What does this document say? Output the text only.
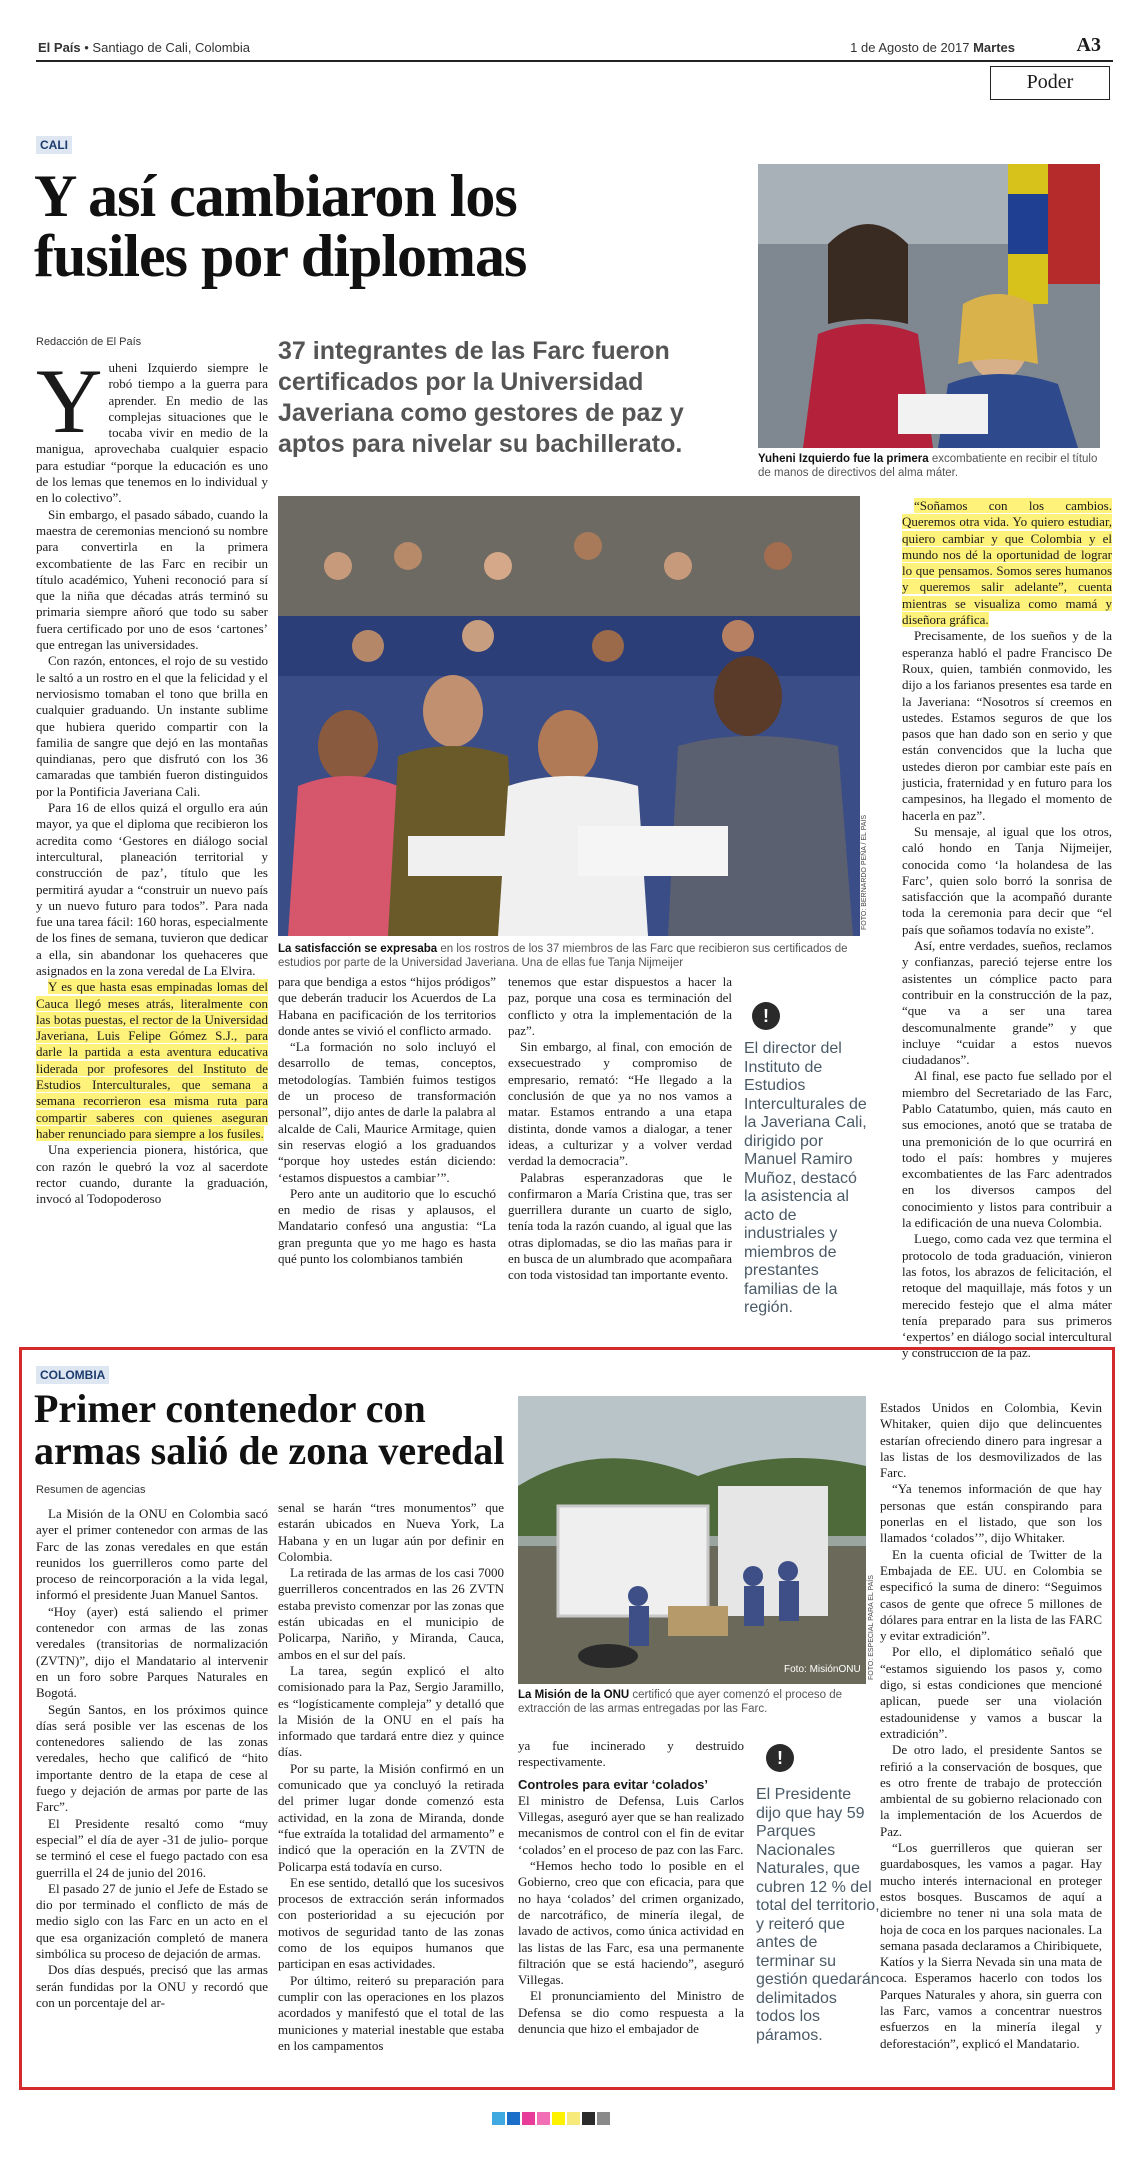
El País • Santiago de Cali, Colombia	1 de Agosto de 2017 Martes	A3
Poder
CALI
Y así cambiaron los
fusiles por diplomas
Redacción de El País	37 integrantes de las Farc fueron certificados por la Universidad Javeriana como gestores de paz y aptos para nivelar su bachillerato.
Yuheni Izquierdo fue la primera excombatiente en recibir el título de manos de directivos del alma máter.

Yuheni Izquierdo siempre le robó tiempo a la guerra para aprender. En medio de las complejas situaciones que le tocaba vivir en medio de la manigua, aprovechaba cualquier espacio para estudiar “porque la educación es uno de los lemas que tenemos en lo individual y en lo colectivo”.

Sin embargo, el pasado sábado, cuando la maestra de ceremonias mencionó su nombre para convertirla en la primera excombatiente de las Farc en recibir un título académico, Yuheni reconoció para sí que la niña que décadas atrás terminó su primaria siempre añoró que todo su saber fuera certificado por uno de esos ‘cartones’ que entregan las universidades.

Con razón, entonces, el rojo de su vestido le saltó a un rostro en el que la felicidad y el nerviosismo tomaban el tono que brilla en cualquier graduando. Un instante sublime que hubiera querido compartir con la familia de sangre que dejó en las montañas quindianas, pero que disfrutó con los 36 camaradas que también fueron distinguidos por la Pontificia Javeriana Cali.

Para 16 de ellos quizá el orgullo era aún mayor, ya que el diploma que recibieron los acredita como ‘Gestores en diálogo social intercultural, planeación territorial y construcción de paz’, título que les permitirá ayudar a “construir un nuevo país y un nuevo futuro para todos”. Para nada fue una tarea fácil: 160 horas, especialmente de los fines de semana, tuvieron que dedicar a ella, sin abandonar los quehaceres que asignados en la zona veredal de La Elvira.

Y es que hasta esas empinadas lomas del Cauca llegó meses atrás, literalmente con las botas puestas, el rector de la Universidad Javeriana, Luis Felipe Gómez S.J., para darle la partida a esta aventura educativa liderada por profesores del Instituto de Estudios Interculturales, que semana a semana recorrieron esa misma ruta para compartir saberes con quienes aseguran haber renunciado para siempre a los fusiles.

Una experiencia pionera, histórica, que con razón le quebró la voz al sacerdote rector cuando, durante la graduación, invocó al Todopoderoso

FOTO: BERNARDO PEÑA / EL PAÍS
La satisfacción se expresaba en los rostros de los 37 miembros de las Farc que recibieron sus certificados de estudios por parte de la Universidad Javeriana. Una de ellas fue Tanja Nijmeijer

para que bendiga a estos “hijos pródigos” que deberán traducir los Acuerdos de La Habana en pacificación de los territorios donde antes se vivió el conflicto armado.

“La formación no solo incluyó el desarrollo de temas, conceptos, metodologías. También fuimos testigos de un proceso de transformación personal”, dijo antes de darle la palabra al alcalde de Cali, Maurice Armitage, quien sin reservas elogió a los graduandos “porque hoy ustedes están diciendo: ‘estamos dispuestos a cambiar’”.

Pero ante un auditorio que lo escuchó en medio de risas y aplausos, el Mandatario confesó una angustia: “La gran pregunta que yo me hago es hasta qué punto los colombianos también

tenemos que estar dispuestos a hacer la paz, porque una cosa es terminación del conflicto y otra la implementación de la paz”.

Sin embargo, al final, con emoción de exsecuestrado y compromiso de empresario, remató: “He llegado a la conclusión de que ya no nos vamos a matar. Estamos entrando a una etapa distinta, donde vamos a dialogar, a tener ideas, a culturizar y a volver verdad verdad la democracia”.

Palabras esperanzadoras que le confirmaron a María Cristina que, tras ser guerrillera durante un cuarto de siglo, tenía toda la razón cuando, al igual que las otras diplomadas, se dio las mañas para ir en busca de un alumbrado que acompañara con toda vistosidad tan importante evento.

!
El director del Instituto de Estudios Interculturales de la Javeriana Cali, dirigido por Manuel Ramiro Muñoz, destacó la asistencia al acto de industriales y miembros de prestantes familias de la región.

“Soñamos con los cambios. Queremos otra vida. Yo quiero estudiar, quiero cambiar y que Colombia y el mundo nos dé la oportunidad de lograr lo que pensamos. Somos seres humanos y queremos salir adelante”, cuenta mientras se visualiza como mamá y diseñora gráfica.

Precisamente, de los sueños y de la esperanza habló el padre Francisco De Roux, quien, también conmovido, les dijo a los farianos presentes esa tarde en la Javeriana: “Nosotros sí creemos en ustedes. Estamos seguros de que los pasos que han dado son en serio y que están convencidos que la lucha que ustedes dieron por cambiar este país en justicia, fraternidad y en futuro para los campesinos, ha llegado el momento de hacerla en paz”.

Su mensaje, al igual que los otros, caló hondo en Tanja Nijmeijer, conocida como ‘la holandesa de las Farc’, quien solo borró la sonrisa de satisfacción que la acompañó durante toda la ceremonia para decir que “el país que soñamos todavía no existe”.

Así, entre verdades, sueños, reclamos y confianzas, pareció tejerse entre los asistentes un cómplice pacto para contribuir en la construcción de la paz, “que va a ser una tarea descomunalmente grande” y que incluye “cuidar a estos nuevos ciudadanos”.

Al final, ese pacto fue sellado por el miembro del Secretariado de las Farc, Pablo Catatumbo, quien, más cauto en sus emociones, anotó que se trataba de una premonición de lo que ocurrirá en todo el país: hombres y mujeres excombatientes de las Farc adentrados en los diversos campos del conocimiento y listos para contribuir a la edificación de una nueva Colombia.

Luego, como cada vez que termina el protocolo de toda graduación, vinieron las fotos, los abrazos de felicitación, el retoque del maquillaje, más fotos y un merecido festejo que el alma máter tenía preparado para sus primeros ‘expertos’ en diálogo social intercultural y construcción de la paz.

COLOMBIA
Primer contenedor con
armas salió de zona veredal
Resumen de agencias

La Misión de la ONU en Colombia sacó ayer el primer contenedor con armas de las Farc de las zonas veredales en que están reunidos los guerrilleros como parte del proceso de reincorporación a la vida legal, informó el presidente Juan Manuel Santos.

“Hoy (ayer) está saliendo el primer contenedor con armas de las zonas veredales (transitorias de normalización (ZVTN)”, dijo el Mandatario al intervenir en un foro sobre Parques Naturales en Bogotá.

Según Santos, en los próximos quince días será posible ver las escenas de los contenedores saliendo de las zonas veredales, hecho que calificó de “hito importante dentro de la etapa de cese al fuego y dejación de armas por parte de las Farc”.

El Presidente resaltó como “muy especial” el día de ayer -31 de julio- porque se terminó el cese el fuego pactado con esa guerrilla el 24 de junio del 2016.

El pasado 27 de junio el Jefe de Estado se dio por terminado el conflicto de más de medio siglo con las Farc en un acto en el que esa organización completó de manera simbólica su proceso de dejación de armas.

Dos días después, precisó que las armas serán fundidas por la ONU y recordó que con un porcentaje del ar-

senal se harán “tres monumentos” que estarán ubicados en Nueva York, La Habana y en un lugar aún por definir en Colombia.

La retirada de las armas de los casi 7000 guerrilleros concentrados en las 26 ZVTN estaba previsto comenzar por las zonas que están ubicadas en el municipio de Policarpa, Nariño, y Miranda, Cauca, ambos en el sur del país.

La tarea, según explicó el alto comisionado para la Paz, Sergio Jaramillo, es “logísticamente compleja” y detalló que la Misión de la ONU en el país ha informado que tardará entre diez y quince días.

Por su parte, la Misión confirmó en un comunicado que ya concluyó la retirada del primer lugar donde comenzó esta actividad, en la zona de Miranda, donde “fue extraída la totalidad del armamento” e indicó que la operación en la ZVTN de Policarpa está todavía en curso.

En ese sentido, detalló que los sucesivos procesos de extracción serán informados con posterioridad a su ejecución por motivos de seguridad tanto de las zonas como de los equipos humanos que participan en esas actividades.

Por último, reiteró su preparación para cumplir con las operaciones en los plazos acordados y manifestó que el total de las municiones y material inestable que estaba en los campamentos

Foto: MisiónONU FOTO: ESPECIAL PARA EL PAÍS
La Misión de la ONU certificó que ayer comenzó el proceso de extracción de las armas entregadas por las Farc.

ya fue incinerado y destruido respectivamente.

Controles para evitar ‘colados’

El ministro de Defensa, Luis Carlos Villegas, aseguró ayer que se han realizado mecanismos de control con el fin de evitar ‘colados’ en el proceso de paz con las Farc.

“Hemos hecho todo lo posible en el Gobierno, creo que con eficacia, para que no haya ‘colados’ del crimen organizado, de narcotráfico, de minería ilegal, de lavado de activos, como única actividad en las listas de las Farc, esa una permanente filtración que se está haciendo”, aseguró Villegas.

El pronunciamiento del Ministro de Defensa se dio como respuesta a la denuncia que hizo el embajador de

!
El Presidente dijo que hay 59 Parques Nacionales Naturales, que cubren 12 % del total del territorio, y reiteró que antes de terminar su gestión quedarán delimitados todos los páramos.

Estados Unidos en Colombia, Kevin Whitaker, quien dijo que delincuentes estarían ofreciendo dinero para ingresar a las listas de los desmovilizados de las Farc.

“Ya tenemos información de que hay personas que están conspirando para ponerlas en el listado, que son los llamados ‘colados’”, dijo Whitaker.

En la cuenta oficial de Twitter de la Embajada de EE. UU. en Colombia se especificó la suma de dinero: “Seguimos casos de gente que ofrece 5 millones de dólares para entrar en la lista de las FARC y evitar extradición”.

Por ello, el diplomático señaló que “estamos siguiendo los pasos y, como digo, si estas condiciones que mencioné aplican, puede ser una violación estadounidense y vamos a buscar la extradición”.

De otro lado, el presidente Santos se refirió a la conservación de bosques, que es otro frente de trabajo de protección ambiental de su gobierno relacionado con la implementación de los Acuerdos de Paz.

“Los guerrilleros que quieran ser guardabosques, les vamos a pagar. Hay mucho interés internacional en proteger estos bosques. Buscamos de aquí a diciembre no tener ni una sola mata de hoja de coca en los parques nacionales. La semana pasada declaramos a Chiribiquete, Katíos y la Sierra Nevada sin una mata de coca. Esperamos hacerlo con todos los Parques Naturales y ahora, sin guerra con las Farc, vamos a concentrar nuestros esfuerzos en la minería ilegal y deforestación”, explicó el Mandatario.
